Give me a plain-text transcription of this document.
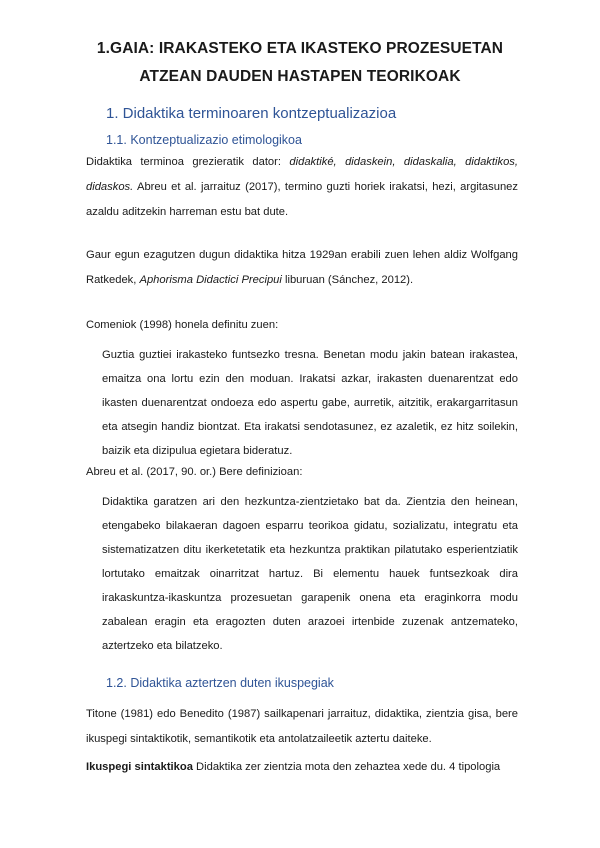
1.GAIA: IRAKASTEKO ETA IKASTEKO PROZESUETAN
ATZEAN DAUDEN HASTAPEN TEORIKOAK
1. Didaktika terminoaren kontzeptualizazioa
1.1. Kontzeptualizazio etimologikoa
Didaktika terminoa grezieratik dator: didaktiké, didaskein, didaskalia, didaktikos,
didaskos. Abreu et al. jarraituz (2017), termino guzti horiek irakatsi, hezi, argitasunez
azaldu aditzekin harreman estu bat dute.
Gaur egun ezagutzen dugun didaktika hitza 1929an erabili zuen lehen aldiz Wolfgang
Ratkedek, Aphorisma Didactici Precipui liburuan (Sánchez, 2012).
Comeniok (1998) honela definitu zuen:
Guztia guztiei irakasteko funtsezko tresna. Benetan modu jakin batean irakastea,
emaitza ona lortu ezin den moduan. Irakatsi azkar, irakasten duenarentzat edo
ikasten duenarentzat ondoeza edo aspertu gabe, aurretik, aitzitik, erakargarritasun
eta atsegin handiz biontzat. Eta irakatsi sendotasunez, ez azaletik, ez hitz soilekin,
baizik eta dizipulua egietara bideratuz.
Abreu et al. (2017, 90. or.) Bere definizioan:
Didaktika garatzen ari den hezkuntza-zientzietako bat da. Zientzia den heinean,
etengabeko bilakaeran dagoen esparru teorikoa gidatu, sozializatu, integratu eta
sistematizatzen ditu ikerketetatik eta hezkuntza praktikan pilatutako esperientziatik
lortutako emaitzak oinarritzat hartuz. Bi elementu hauek funtsezkoak dira
irakaskuntza-ikaskuntza prozesuetan garapenik onena eta eraginkorra modu
zabalean eragin eta eragozten duten arazoei irtenbide zuzenak antzemateko,
aztertzeko eta bilatzeko.
1.2. Didaktika aztertzen duten ikuspegiak
Titone (1981) edo Benedito (1987) sailkapenari jarraituz, didaktika, zientzia gisa, bere
ikuspegi sintaktikotik, semantikotik eta antolatzaileetik aztertu daiteke.
Ikuspegi sintaktikoa Didaktika zer zientzia mota den zehaztea xede du. 4 tipologia
